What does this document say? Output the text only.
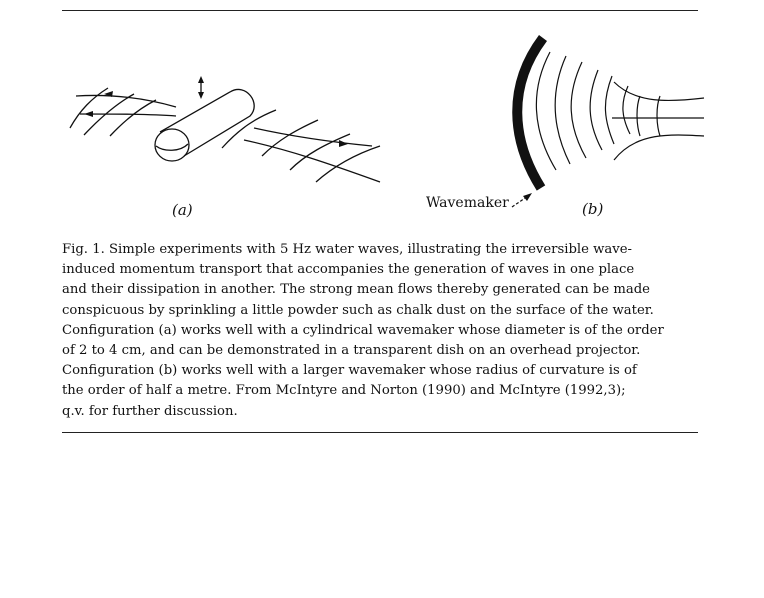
(a)	(b)
Wavemaker
Fig. 1. Simple experiments with 5 Hz water waves, illustrating the irreversible wave-
induced momentum transport that accompanies the generation of waves in one place
and their dissipation in another. The strong mean flows thereby generated can be made
conspicuous by sprinkling a little powder such as chalk dust on the surface of the water.
Configuration (a) works well with a cylindrical wavemaker whose diameter is of the order
of 2 to 4 cm, and can be demonstrated in a transparent dish on an overhead projector.
Configuration (b) works well with a larger wavemaker whose radius of curvature is of
the order of half a metre. From McIntyre and Norton (1990) and McIntyre (1992,3);
q.v. for further discussion.
